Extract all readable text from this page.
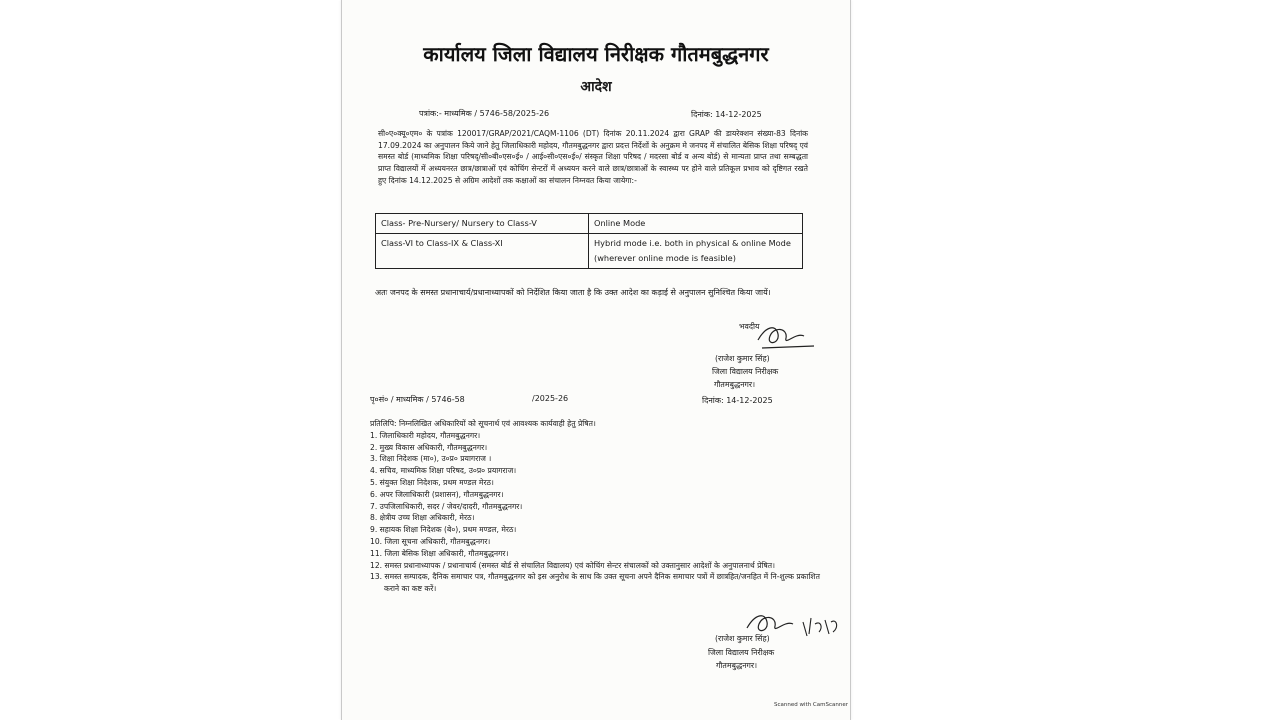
कार्यालय जिला विद्यालय निरीक्षक गौतमबुद्धनगर
आदेश
पत्रांक:- माध्यमिक / 5746-58/2025-26	दिनांक: 14-12-2025
सी०ए०क्यू०एम० के पत्रांक 120017/GRAP/2021/CAQM-1106 (DT) दिनांक 20.11.2024 द्वारा GRAP की डायरेक्शन संख्या-83 दिनांक 17.09.2024 का अनुपालन किये जाने हेतु जिलाधिकारी महोदय, गौतमबुद्धनगर द्वारा प्रदत्त निर्देशों के अनुक्रम मे जनपद में संचालित बेसिक शिक्षा परिषद् एवं समस्त बोर्ड (माध्यमिक शिक्षा परिषद्/सी०बी०एस०ई० / आई०सी०एस०ई०/ संस्कृत शिक्षा परिषद / मदरसा बोर्ड व अन्य बोर्ड) से मान्यता प्राप्त तथा सम्बद्धता प्राप्त विद्यालयों में अध्ययनरत छात्र/छात्राओं एवं कोचिंग सेन्टरों में अध्ययन करने वाले छात्र/छात्राओं के स्वास्थ्य पर होने वाले प्रतिकूल प्रभाव को दृष्टिगत रखते हुए दिनांक 14.12.2025 से अग्रिम आदेशों तक कक्षाओं का संचालन निम्नवत किया जायेगा:-
Class- Pre-Nursery/ Nursery to Class-V	Online Mode
Class-VI to Class-IX & Class-XI	Hybrid mode i.e. both in physical & online Mode (wherever online mode is feasible)
अतः जनपद के समस्त प्रधानाचार्य/प्रधानाध्यापकों को निर्देशित किया जाता है कि उक्त आदेश का कड़ाई से अनुपालन सुनिश्चित किया जायें।
भवदीय
(राजेश कुमार सिंह)
जिला विद्यालय निरीक्षक
गौतमबुद्धनगर।
पृ०सं० / माध्यमिक / 5746-58	/2025-26	दिनांक: 14-12-2025
प्रतिलिपि: निम्नलिखित अधिकारियों को सूचनार्थ एवं आवश्यक कार्यवाही हेतु प्रेषित।
1. जिलाधिकारी महोदय, गौतमबुद्धनगर।
2. मुख्य विकास अधिकारी, गौतमबुद्धनगर।
3. शिक्षा निदेशक (मा०), उ०प्र० प्रयागराज ।
4. सचिव, माध्यमिक शिक्षा परिषद, उ०प्र० प्रयागराज।
5. संयुक्त शिक्षा निदेशक, प्रथम मण्डल मेरठ।
6. अपर जिलाधिकारी (प्रशासन), गौतमबुद्धनगर।
7. उपजिलाधिकारी, सदर / जेवर/दादरी, गौतमबुद्धनगर।
8. क्षेत्रीय उच्च शिक्षा अधिकारी, मेरठ।
9. सहायक शिक्षा निदेशक (बे०), प्रथम मण्डल, मेरठ।
10. जिला सूचना अधिकारी, गौतमबुद्धनगर।
11. जिला बेसिक शिक्षा अधिकारी, गौतमबुद्धनगर।
12. समस्त प्रधानाध्यापक / प्रधानाचार्य (समस्त बोर्ड से संचालित विद्यालय) एवं कोचिंग सेन्टर संचालकों को उक्तानुसार आदेशों के अनुपालनार्थ प्रेषित।
13. समस्त सम्पादक, दैनिक समाचार पत्र, गौतमबुद्धनगर को इस अनुरोध के साथ कि उक्त सूचना अपने दैनिक समाचार पत्रों में छात्रहित/जनहित में नि-शुल्क प्रकाशित कराने का कष्ट करें।
(राजेश कुमार सिंह)
जिला विद्यालय निरीक्षक
गौतमबुद्धनगर।
Scanned with CamScanner
